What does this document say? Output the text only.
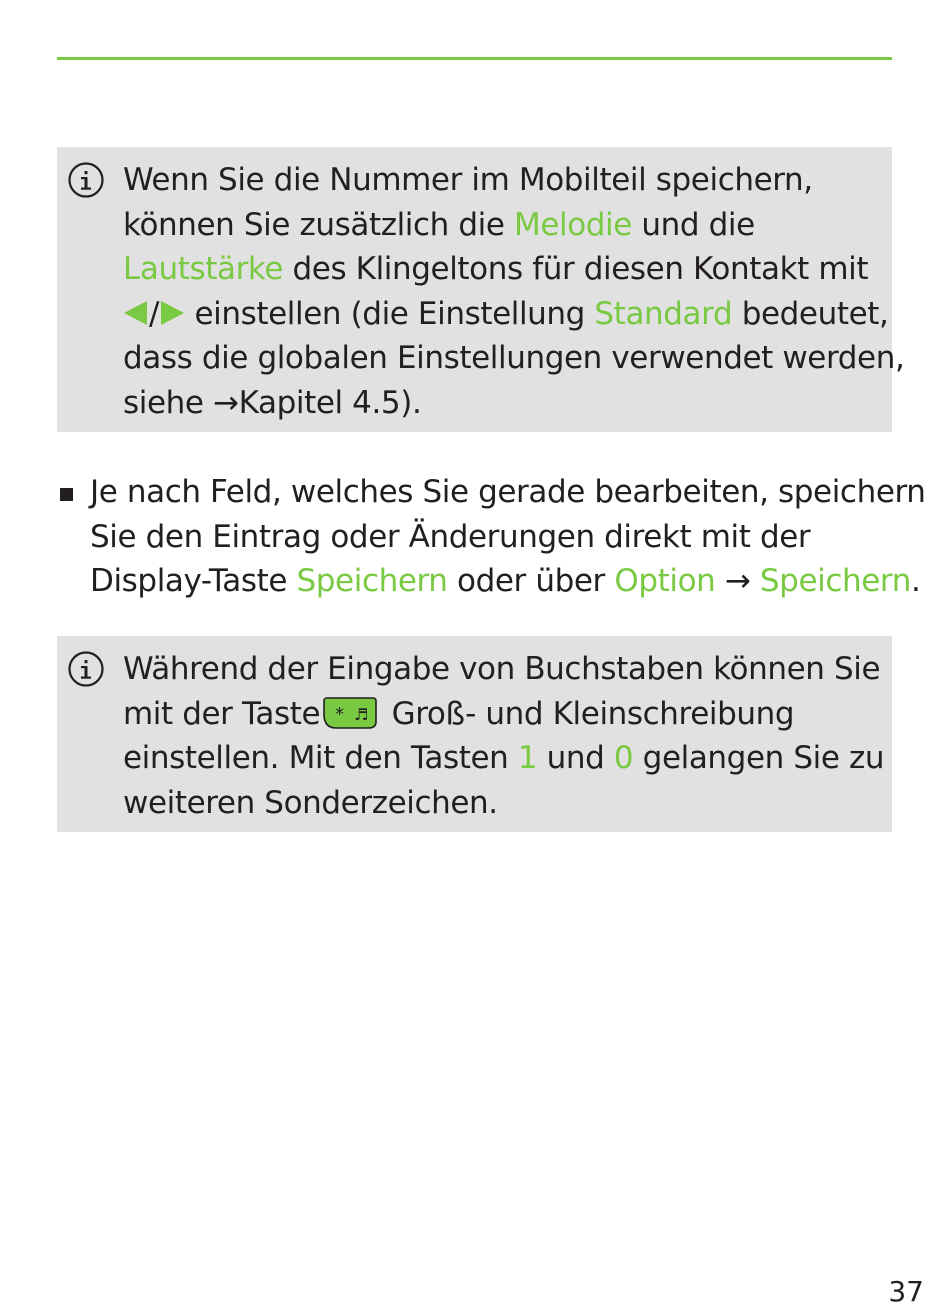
Wenn Sie die Nummer im Mobilteil speichern,
können Sie zusätzlich die Melodie und die
Lautstärke des Klingeltons für diesen Kontakt mit
/ einstellen (die Einstellung Standard bedeutet,
dass die globalen Einstellungen verwendet werden,
siehe →Kapitel 4.5).
Je nach Feld, welches Sie gerade bearbeiten, speichern
Sie den Eintrag oder Änderungen direkt mit der
Display-Taste Speichern oder über Option → Speichern.
Während der Eingabe von Buchstaben können Sie
mit der Taste * ♬ Groß- und Kleinschreibung
einstellen. Mit den Tasten 1 und 0 gelangen Sie zu
weiteren Sonderzeichen.
37
